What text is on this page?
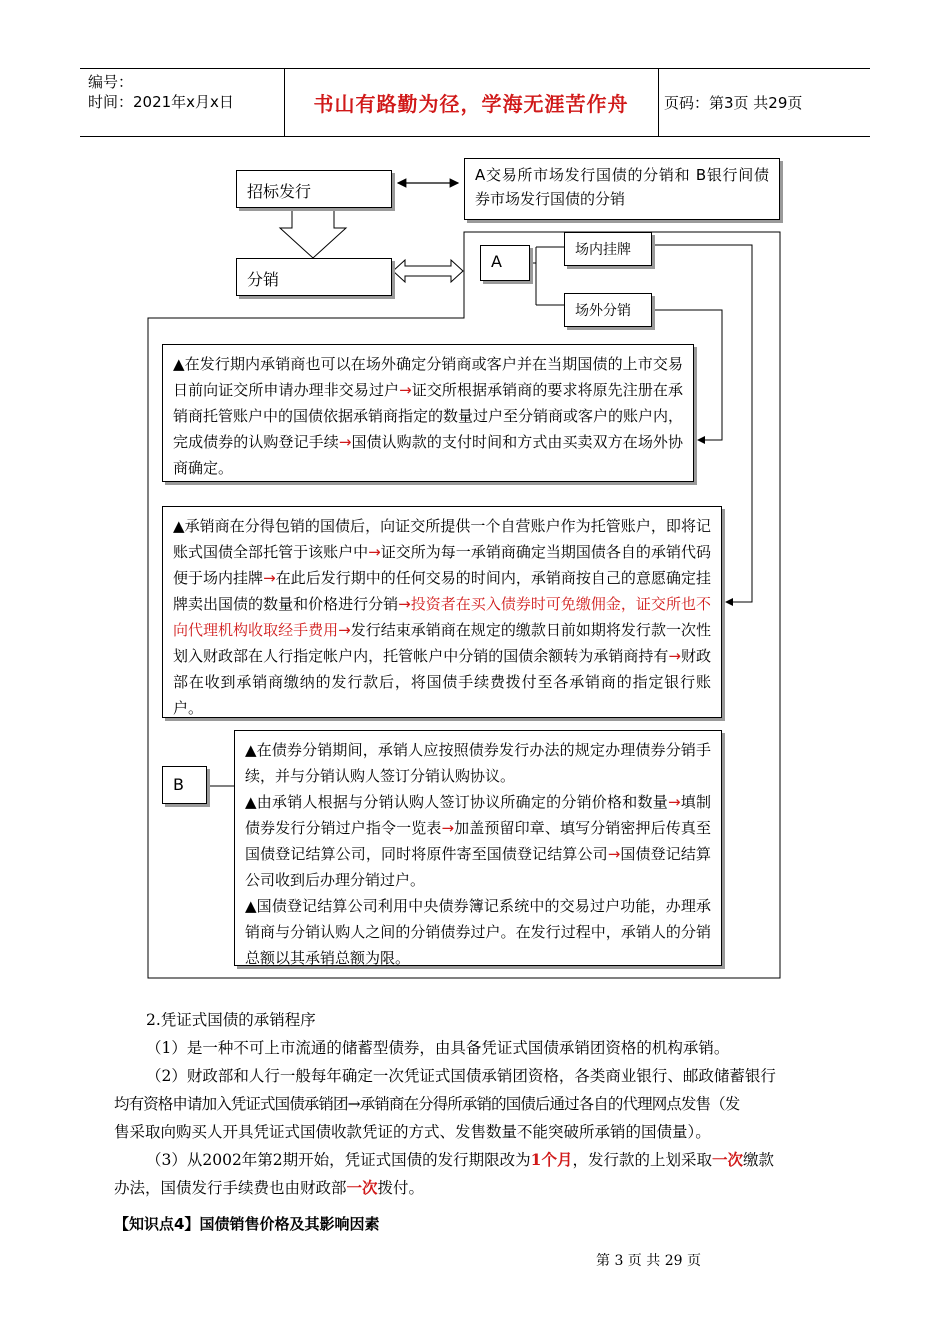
编号：
时间：2021年x月x日	书山有路勤为径，学海无涯苦作舟	页码：第3页 共29页
招标发行
A交易所市场发行国债的分销和 B银行间债券市场发行国债的分销
分销
A
场内挂牌
场外分销
▲在发行期内承销商也可以在场外确定分销商或客户并在当期国债的上市交易日前向证交所申请办理非交易过户→证交所根据承销商的要求将原先注册在承销商托管账户中的国债依据承销商指定的数量过户至分销商或客户的账户内，完成债券的认购登记手续→国债认购款的支付时间和方式由买卖双方在场外协商确定。
▲承销商在分得包销的国债后，向证交所提供一个自营账户作为托管账户，即将记账式国债全部托管于该账户中→证交所为每一承销商确定当期国债各自的承销代码便于场内挂牌→在此后发行期中的任何交易的时间内，承销商按自己的意愿确定挂牌卖出国债的数量和价格进行分销→投资者在买入债券时可免缴佣金，证交所也不向代理机构收取经手费用→发行结束承销商在规定的缴款日前如期将发行款一次性划入财政部在人行指定帐户内，托管帐户中分销的国债余额转为承销商持有→财政部在收到承销商缴纳的发行款后，将国债手续费拨付至各承销商的指定银行账户。
B
▲在债券分销期间，承销人应按照债券发行办法的规定办理债券分销手续，并与分销认购人签订分销认购协议。
▲由承销人根据与分销认购人签订协议所确定的分销价格和数量→填制债券发行分销过户指令一览表→加盖预留印章、填写分销密押后传真至国债登记结算公司，同时将原件寄至国债登记结算公司→国债登记结算公司收到后办理分销过户。
▲国债登记结算公司利用中央债券簿记系统中的交易过户功能，办理承销商与分销认购人之间的分销债券过户。在发行过程中，承销人的分销总额以其承销总额为限。
2.凭证式国债的承销程序
（1）是一种不可上市流通的储蓄型债券，由具备凭证式国债承销团资格的机构承销。
（2）财政部和人行一般每年确定一次凭证式国债承销团资格，各类商业银行、邮政储蓄银行
均有资格申请加入凭证式国债承销团→承销商在分得所承销的国债后通过各自的代理网点发售（发
售采取向购买人开具凭证式国债收款凭证的方式、发售数量不能突破所承销的国债量）。
（3）从2002年第2期开始，凭证式国债的发行期限改为1个月，发行款的上划采取一次缴款
办法，国债发行手续费也由财政部一次拨付。
【知识点4】国债销售价格及其影响因素
第 3 页 共 29 页
